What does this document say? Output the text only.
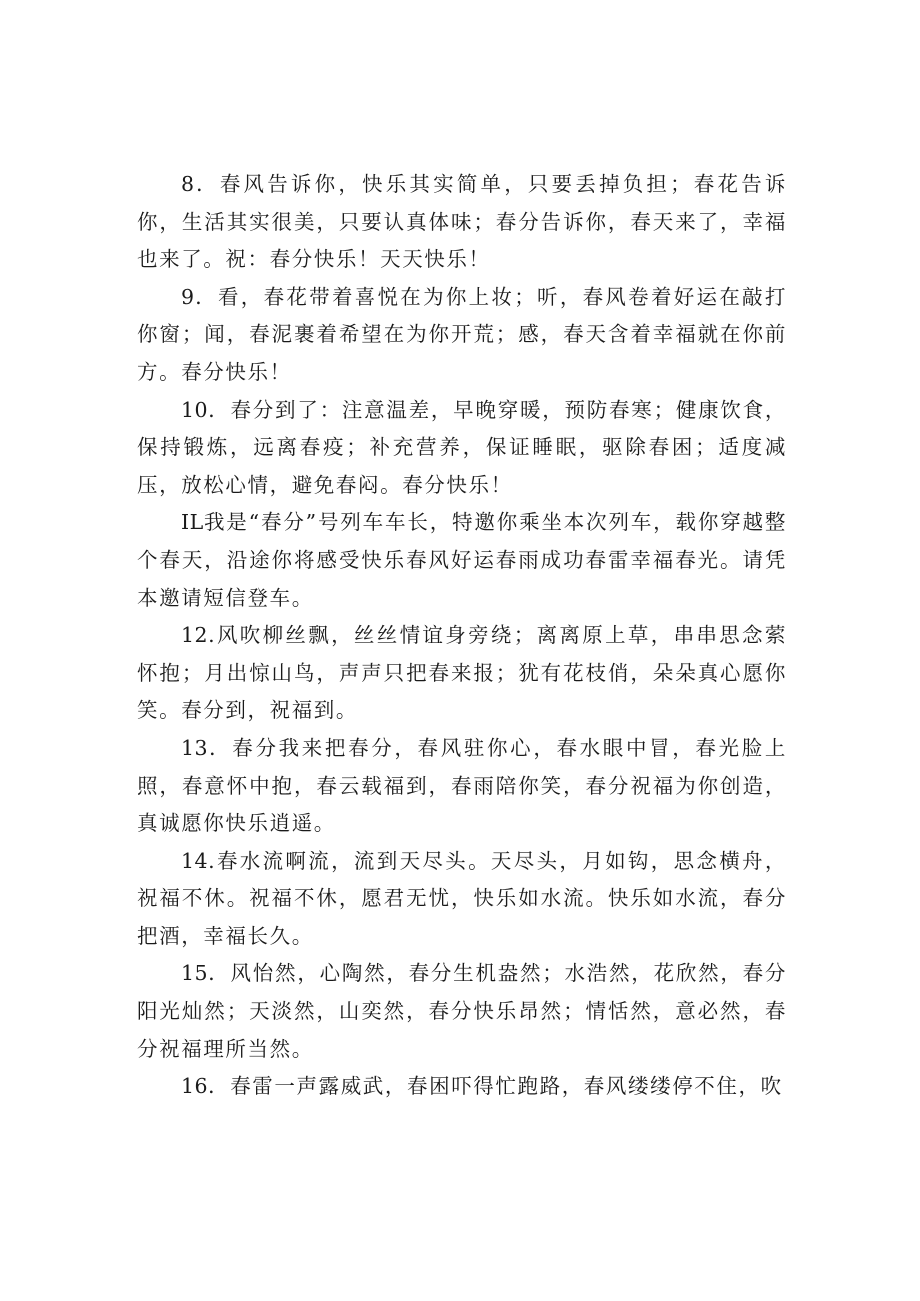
8．春风告诉你，快乐其实简单，只要丢掉负担；春花告诉你，生活其实很美，只要认真体味；春分告诉你，春天来了，幸福也来了。祝：春分快乐！天天快乐！

9．看，春花带着喜悦在为你上妆；听，春风卷着好运在敲打你窗；闻，春泥裹着希望在为你开荒；感，春天含着幸福就在你前方。春分快乐！

10．春分到了：注意温差，早晚穿暖，预防春寒；健康饮食，保持锻炼，远离春疫；补充营养，保证睡眠，驱除春困；适度减压，放松心情，避免春闷。春分快乐！

IL我是“春分”号列车车长，特邀你乘坐本次列车，载你穿越整个春天，沿途你将感受快乐春风好运春雨成功春雷幸福春光。请凭本邀请短信登车。

12.风吹柳丝飘，丝丝情谊身旁绕；离离原上草，串串思念萦怀抱；月出惊山鸟，声声只把春来报；犹有花枝俏，朵朵真心愿你笑。春分到，祝福到。

13．春分我来把春分，春风驻你心，春水眼中冒，春光脸上照，春意怀中抱，春云载福到，春雨陪你笑，春分祝福为你创造，真诚愿你快乐逍遥。

14.春水流啊流，流到天尽头。天尽头，月如钩，思念横舟，祝福不休。祝福不休，愿君无忧，快乐如水流。快乐如水流，春分把酒，幸福长久。

15．风怡然，心陶然，春分生机盎然；水浩然，花欣然，春分阳光灿然；天淡然，山奕然，春分快乐昂然；情恬然，意必然，春分祝福理所当然。

16．春雷一声露威武，春困吓得忙跑路，春风缕缕停不住，吹
